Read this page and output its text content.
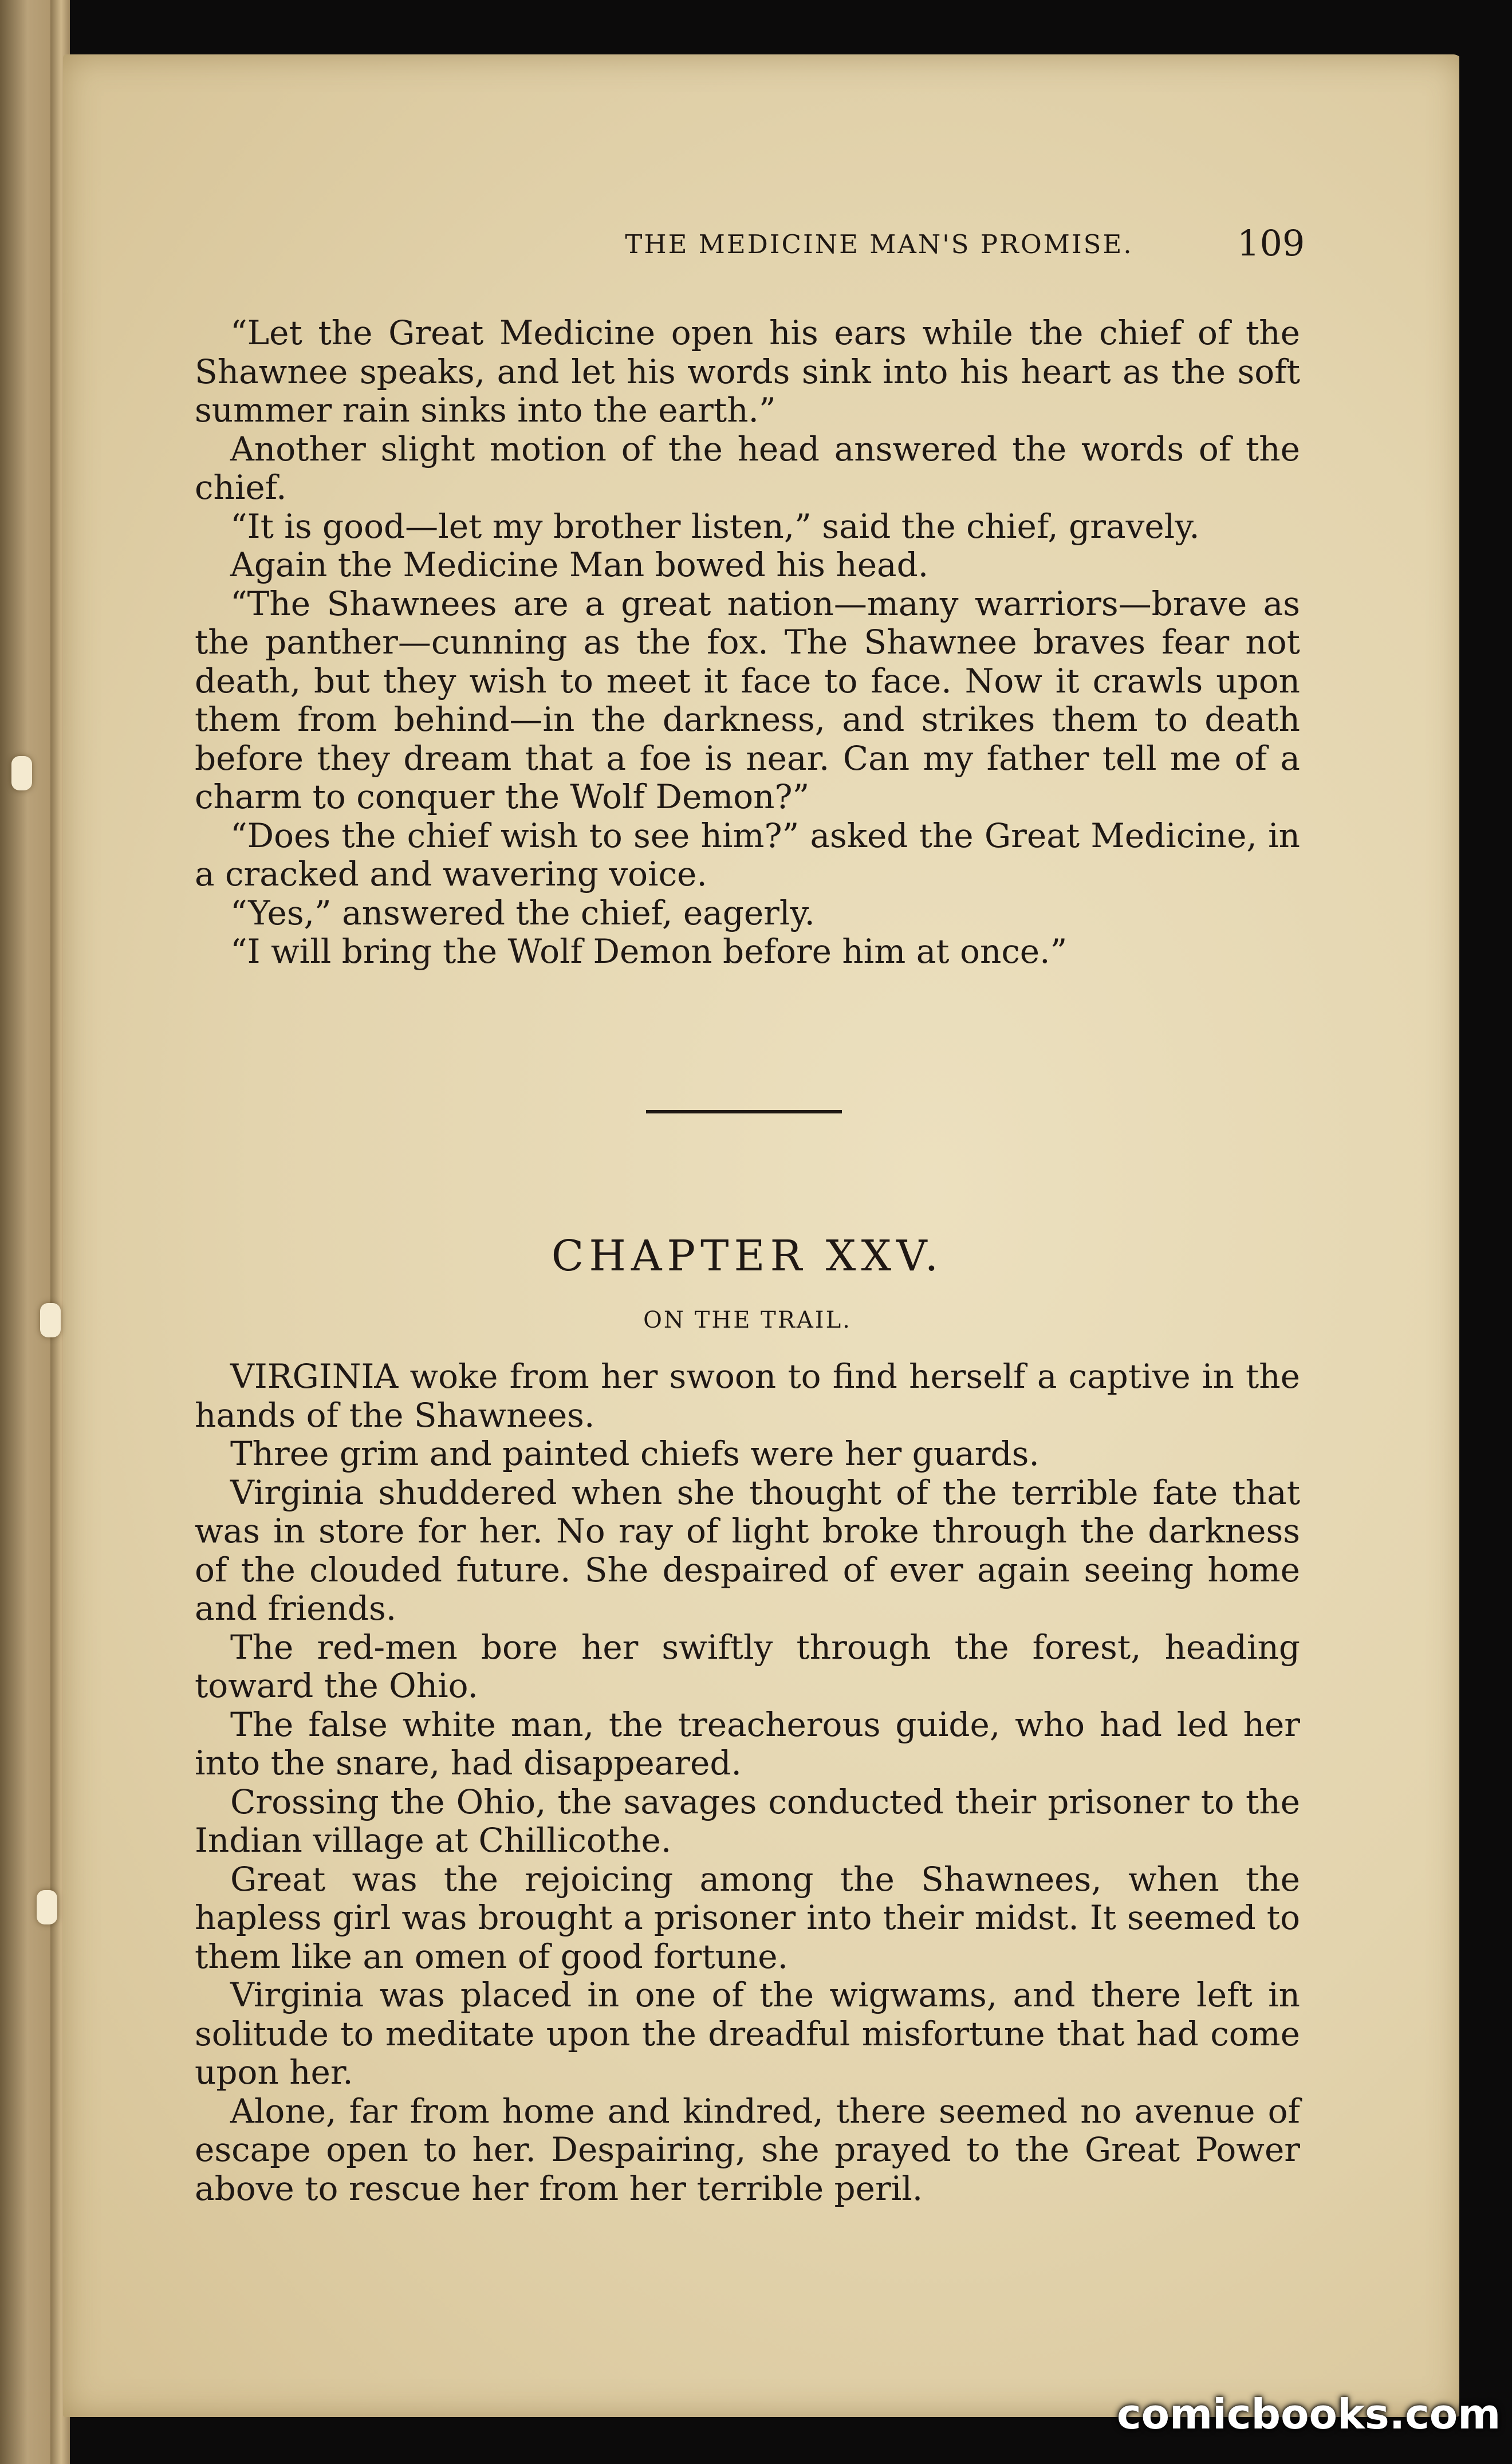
THE MEDICINE MAN'S PROMISE.	109

“Let the Great Medicine open his ears while the chief of the Shawnee speaks, and let his words sink into his heart as the soft summer rain sinks into the earth.”

Another slight motion of the head answered the words of the chief.

“It is good—let my brother listen,” said the chief, gravely.

Again the Medicine Man bowed his head.

“The Shawnees are a great nation—many warriors—brave as the panther—cunning as the fox. The Shawnee braves fear not death, but they wish to meet it face to face. Now it crawls upon them from behind—in the darkness, and strikes them to death before they dream that a foe is near. Can my father tell me of a charm to conquer the Wolf Demon?”

“Does the chief wish to see him?” asked the Great Medicine, in a cracked and wavering voice.

“Yes,” answered the chief, eagerly.

“I will bring the Wolf Demon before him at once.”

CHAPTER XXV.
ON THE TRAIL.

VIRGINIA woke from her swoon to find herself a captive in the hands of the Shawnees.

Three grim and painted chiefs were her guards.

Virginia shuddered when she thought of the terrible fate that was in store for her. No ray of light broke through the darkness of the clouded future. She despaired of ever again seeing home and friends.

The red-men bore her swiftly through the forest, heading toward the Ohio.

The false white man, the treacherous guide, who had led her into the snare, had disappeared.

Crossing the Ohio, the savages conducted their prisoner to the Indian village at Chillicothe.

Great was the rejoicing among the Shawnees, when the hapless girl was brought a prisoner into their midst. It seemed to them like an omen of good fortune.

Virginia was placed in one of the wigwams, and there left in solitude to meditate upon the dreadful misfortune that had come upon her.

Alone, far from home and kindred, there seemed no avenue of escape open to her. Despairing, she prayed to the Great Power above to rescue her from her terrible peril.

comicbooks.com
